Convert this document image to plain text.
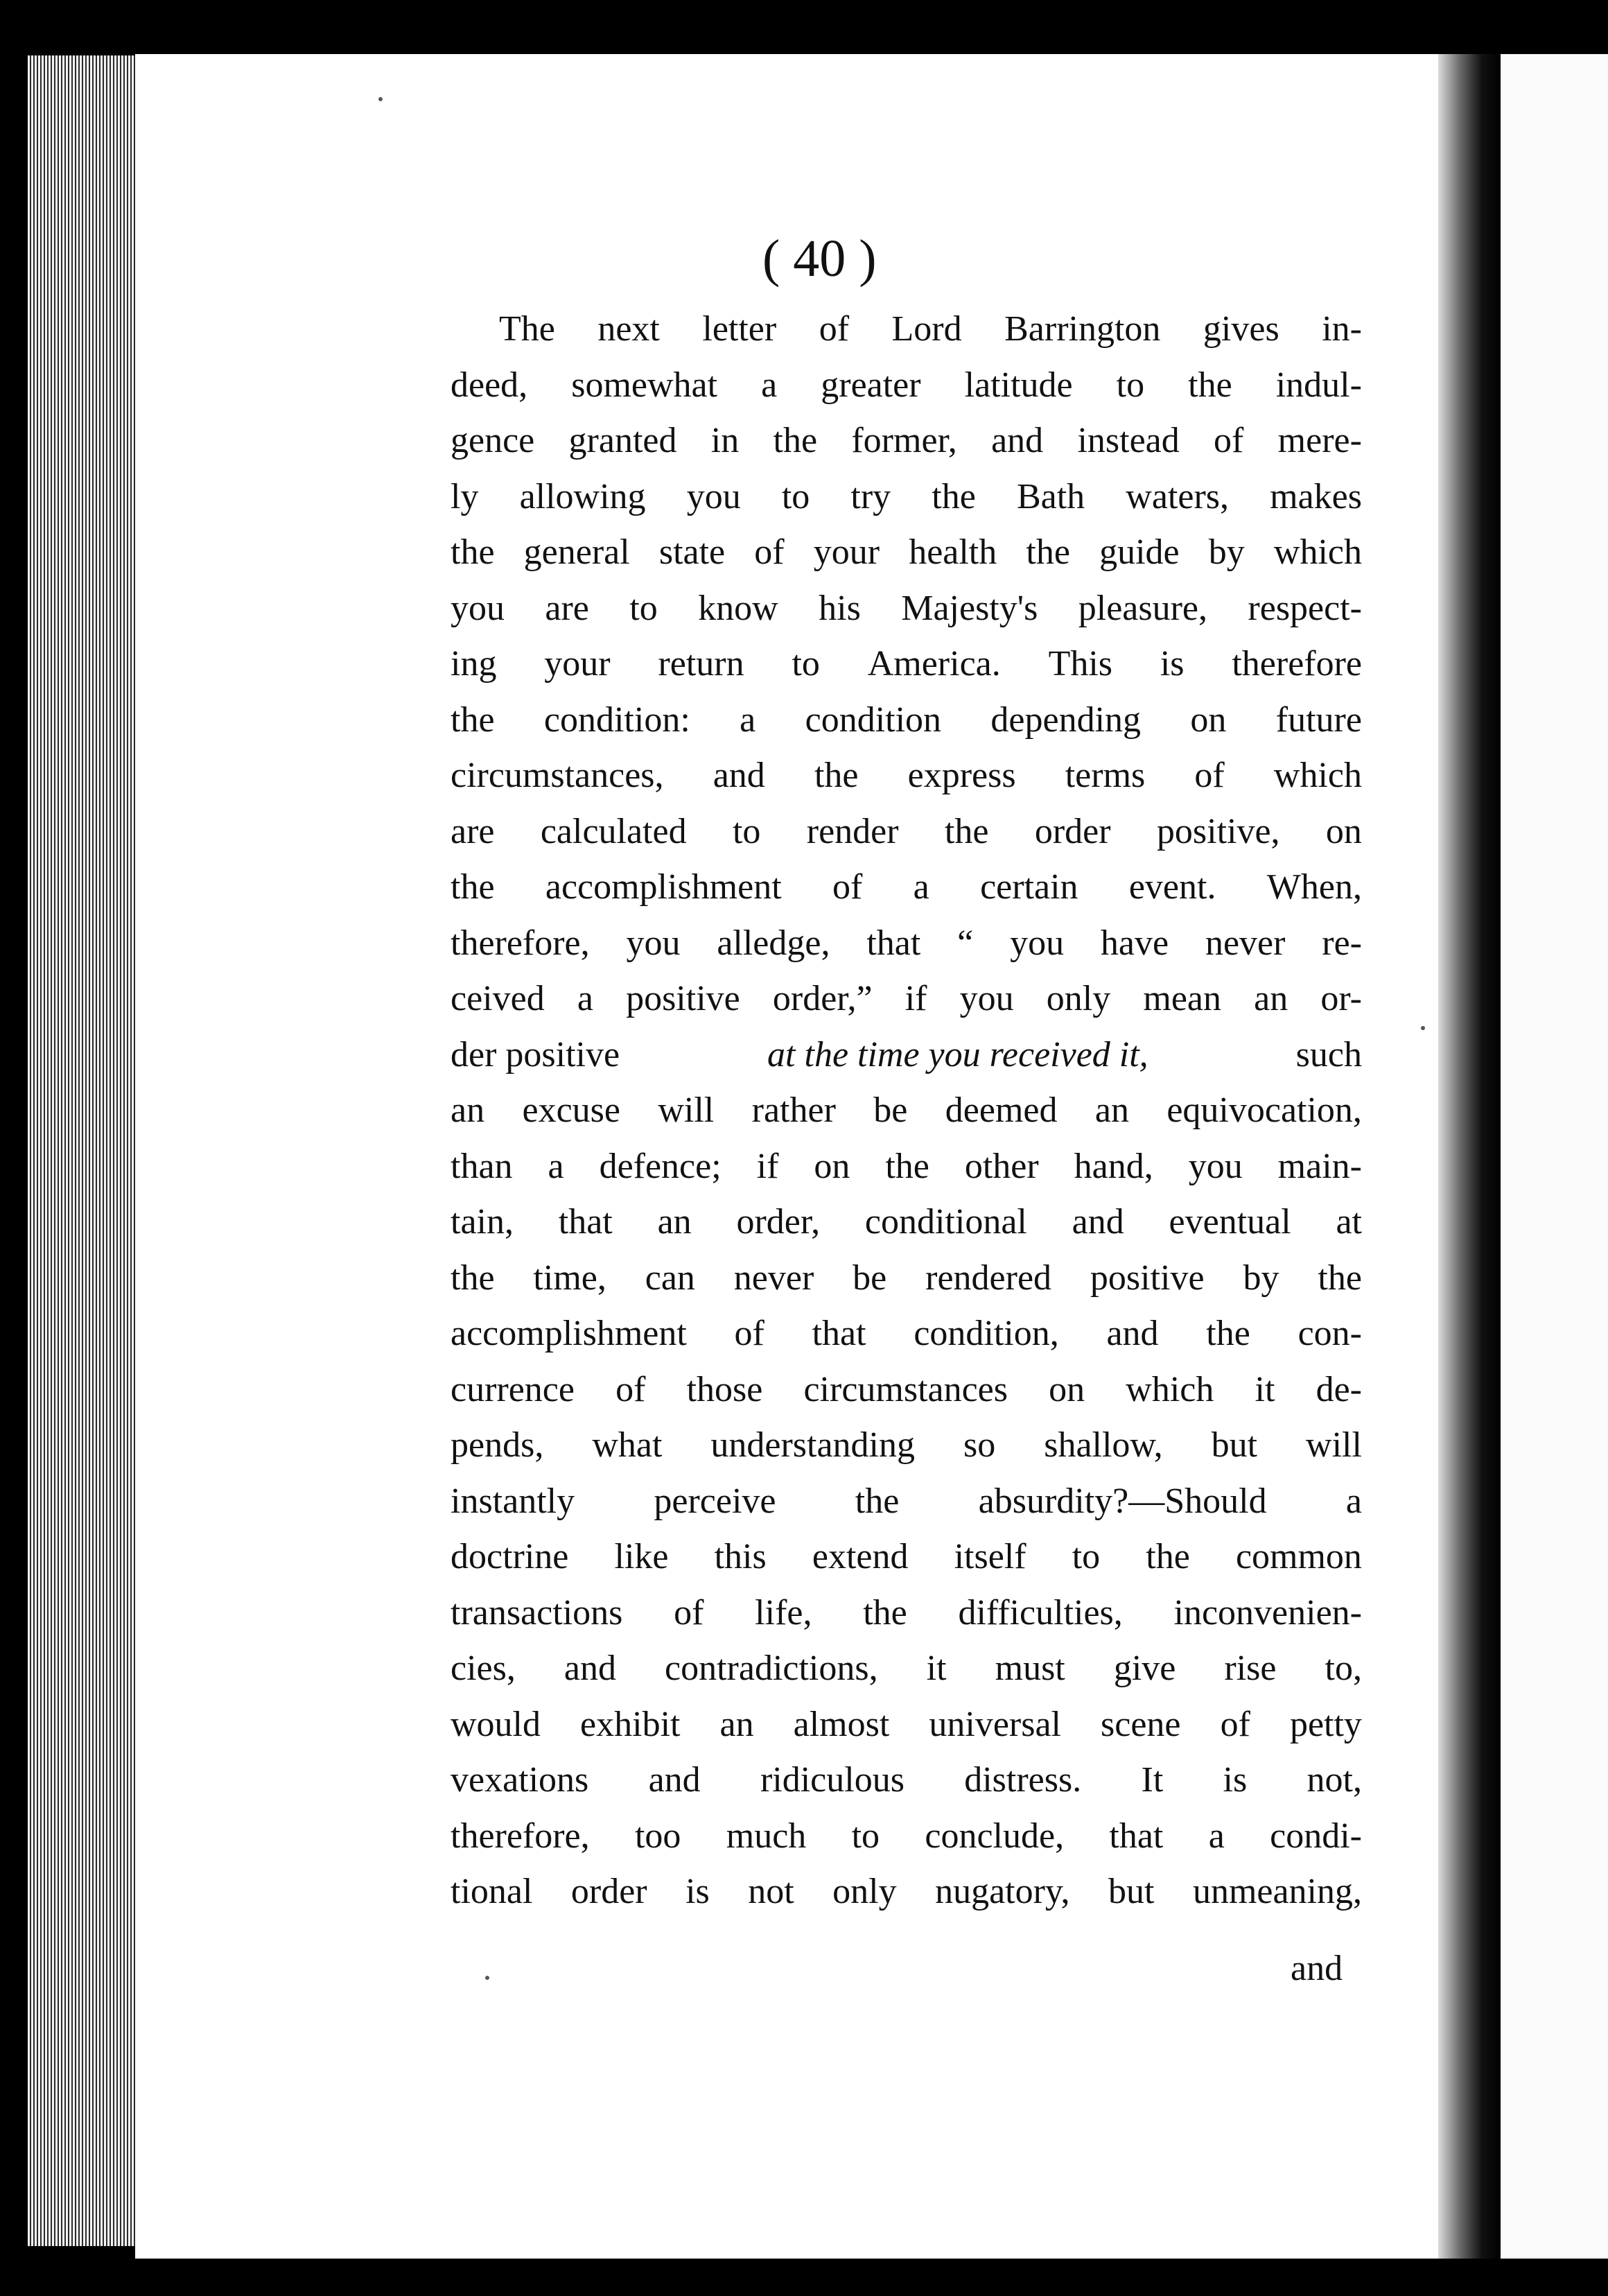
( 40 )
The next letter of Lord Barrington gives in-
deed, somewhat a greater latitude to the indul-
gence granted in the former, and instead of mere-
ly allowing you to try the Bath waters, makes
the general state of your health the guide by which
you are to know his Majesty's pleasure, respect-
ing your return to America. This is therefore
the condition: a condition depending on future
circumstances, and the express terms of which
are calculated to render the order positive, on
the accomplishment of a certain event. When,
therefore, you alledge, that “ you have never re-
ceived a positive order,” if you only mean an or-
der positive	at the time you received it,	such
an excuse will rather be deemed an equivocation,
than a defence; if on the other hand, you main-
tain, that an order, conditional and eventual at
the time, can never be rendered positive by the
accomplishment of that condition, and the con-
currence of those circumstances on which it de-
pends, what understanding so shallow, but will
instantly perceive the absurdity?—Should a
doctrine like this extend itself to the common
transactions of life, the difficulties, inconvenien-
cies, and contradictions, it must give rise to,
would exhibit an almost universal scene of petty
vexations and ridiculous distress. It is not,
therefore, too much to conclude, that a condi-
tional order is not only nugatory, but unmeaning,
and
